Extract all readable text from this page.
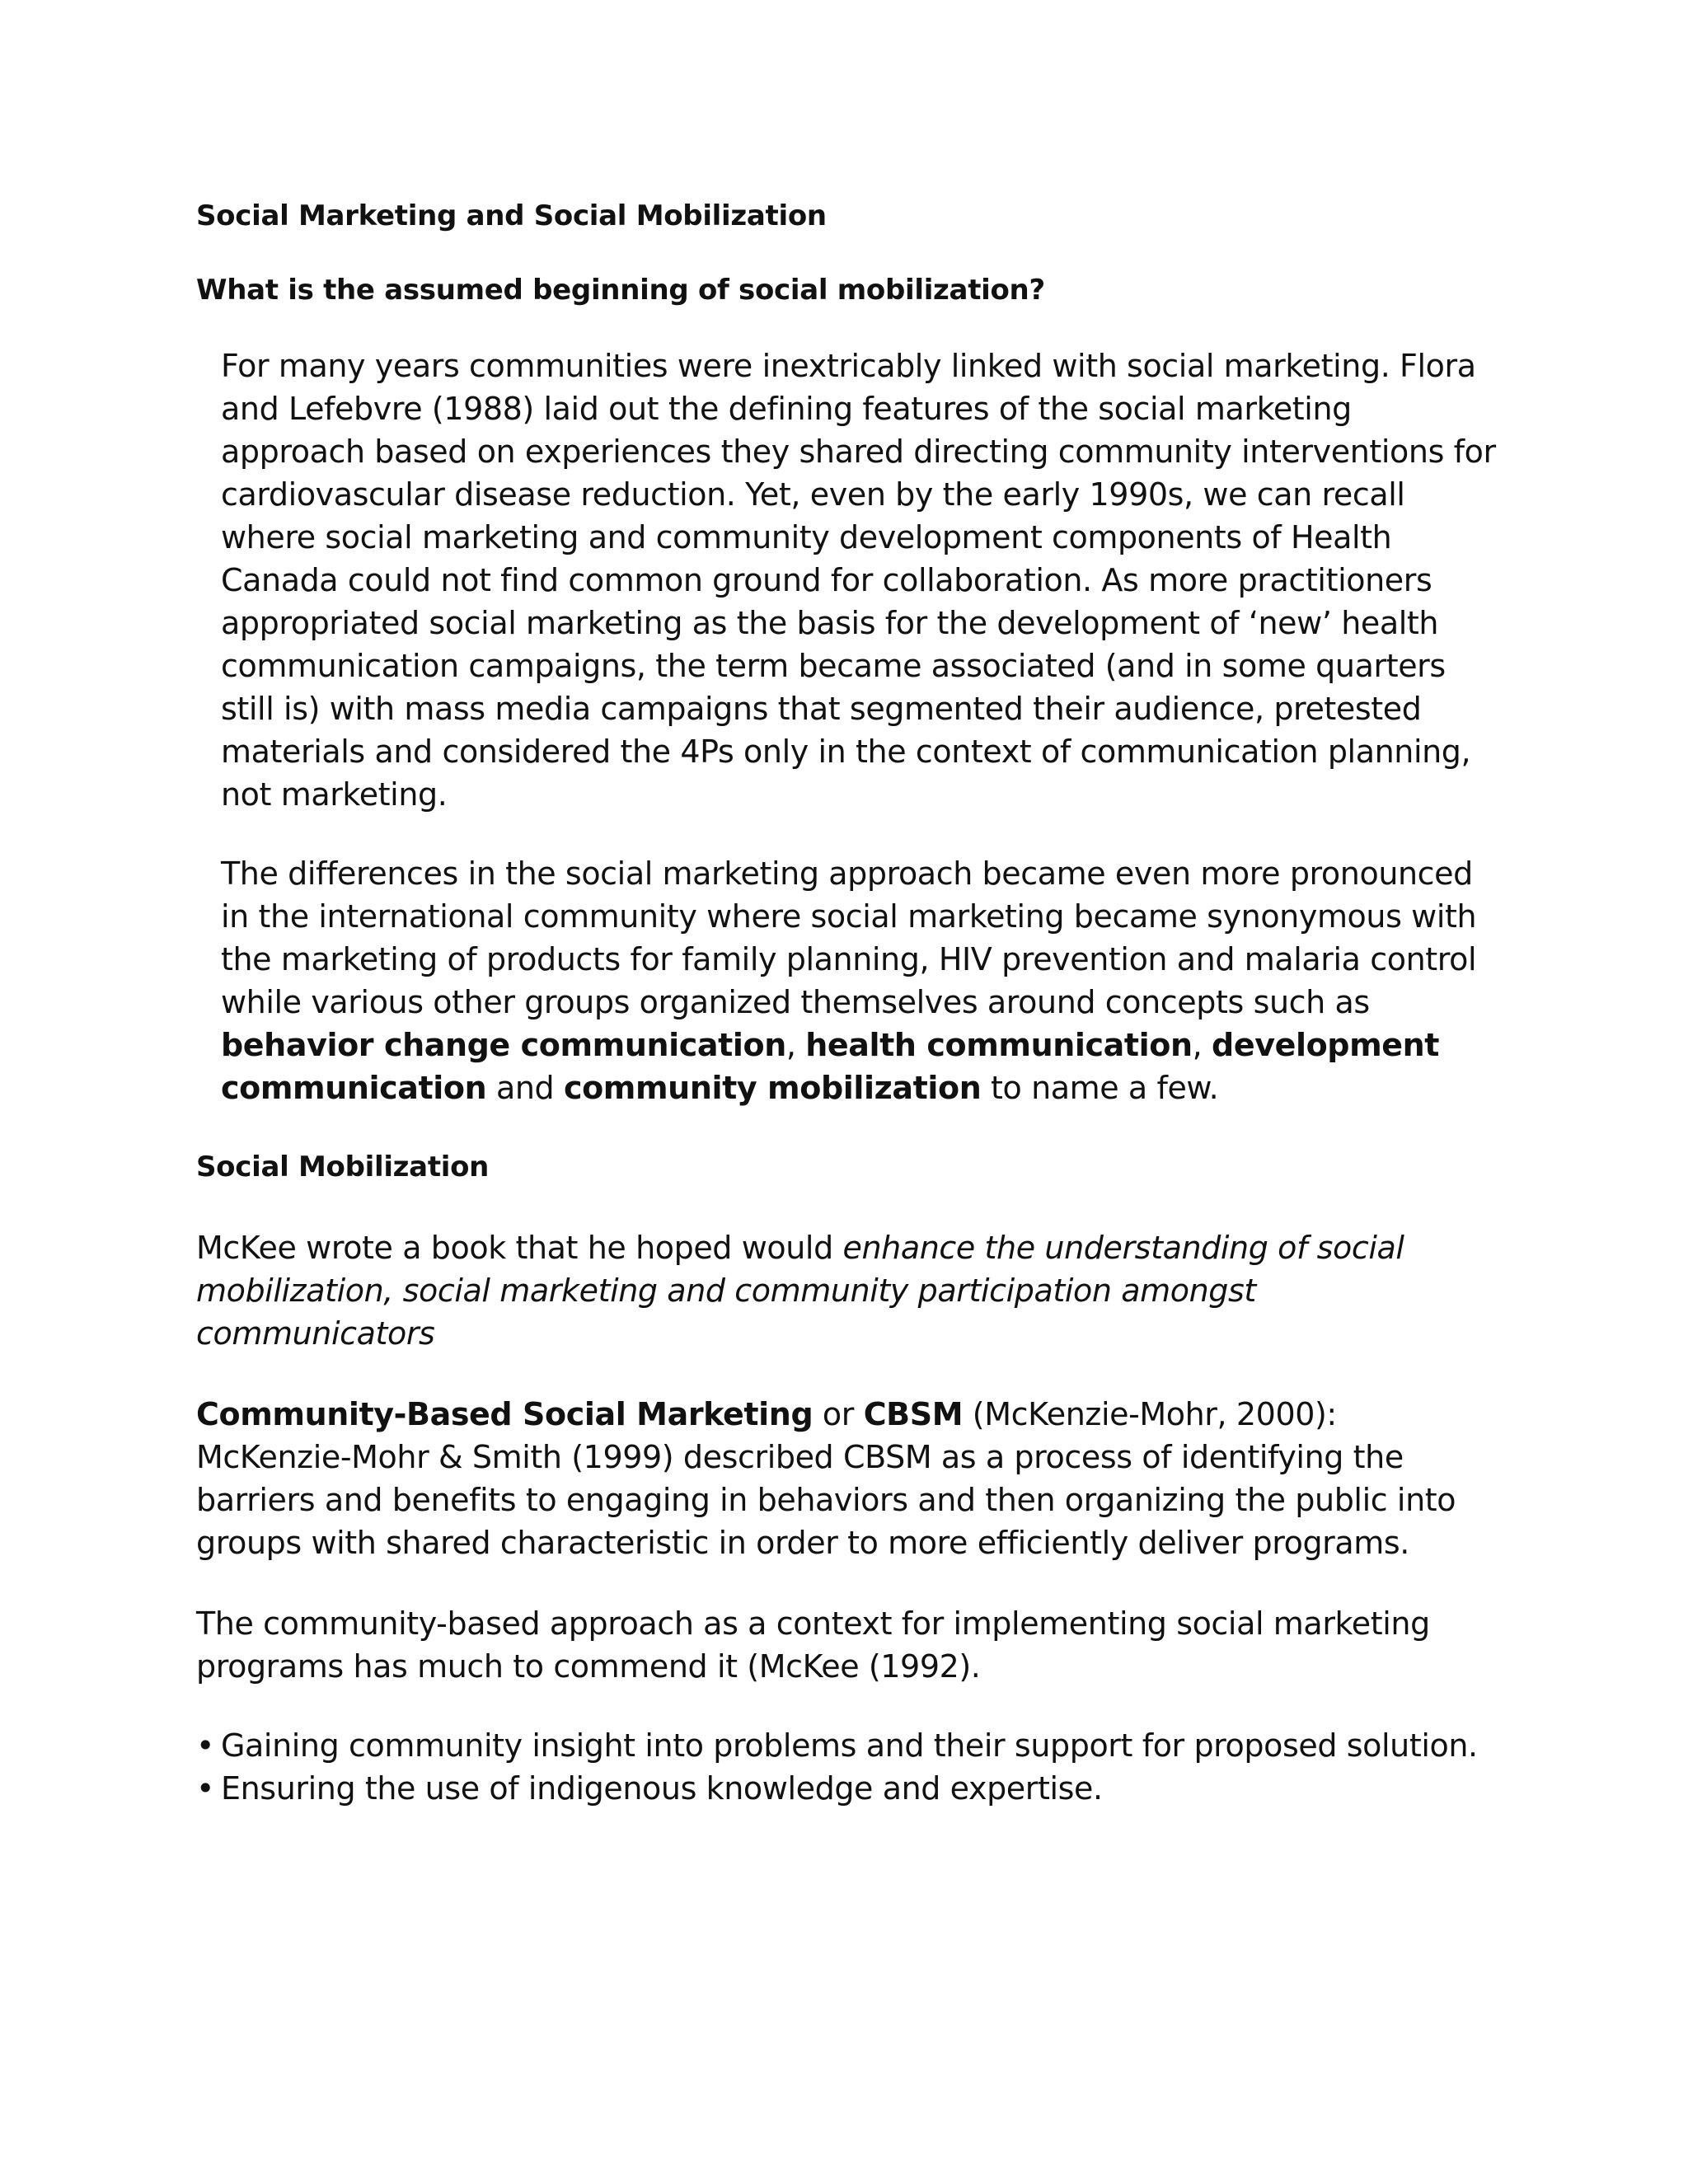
Social Marketing and Social Mobilization
What is the assumed beginning of social mobilization?

For many years communities were inextricably linked with social marketing. Flora and Lefebvre (1988) laid out the defining features of the social marketing approach based on experiences they shared directing community interventions for cardiovascular disease reduction. Yet, even by the early 1990s, we can recall where social marketing and community development components of Health Canada could not find common ground for collaboration. As more practitioners appropriated social marketing as the basis for the development of ‘new’ health communication campaigns, the term became associated (and in some quarters still is) with mass media campaigns that segmented their audience, pretested materials and considered the 4Ps only in the context of communication planning, not marketing.

The differences in the social marketing approach became even more pronounced in the international community where social marketing became synonymous with the marketing of products for family planning, HIV prevention and malaria control while various other groups organized themselves around concepts such as behavior change communication, health communication, development communication and community mobilization to name a few.

Social Mobilization

McKee wrote a book that he hoped would enhance the understanding of social mobilization, social marketing and community participation amongst communicators

Community-Based Social Marketing or CBSM (McKenzie-Mohr, 2000): McKenzie-Mohr & Smith (1999) described CBSM as a process of identifying the barriers and benefits to engaging in behaviors and then organizing the public into groups with shared characteristic in order to more efficiently deliver programs.

The community-based approach as a context for implementing social marketing programs has much to commend it (McKee (1992).

• Gaining community insight into problems and their support for proposed solution.
• Ensuring the use of indigenous knowledge and expertise.
